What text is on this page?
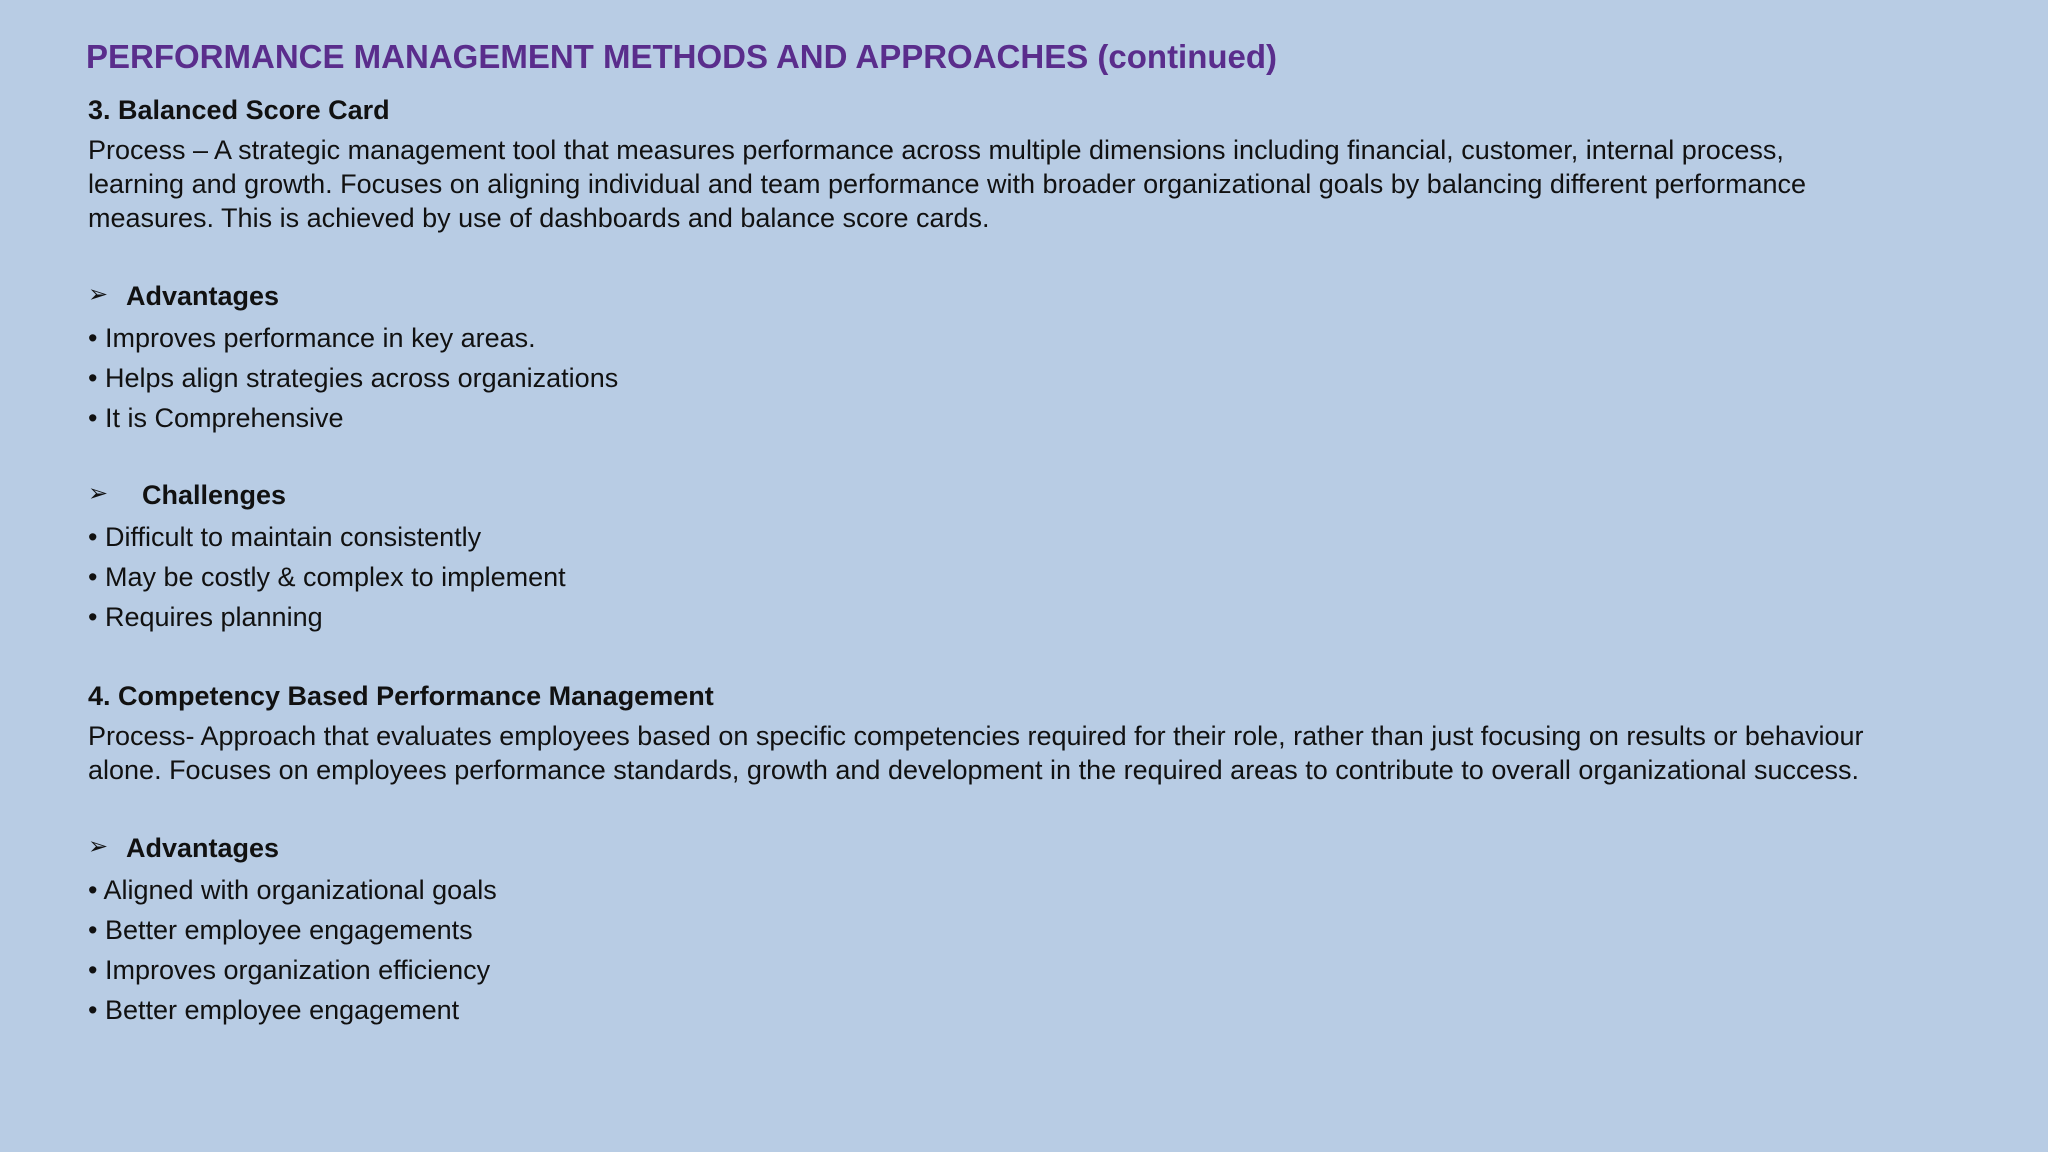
PERFORMANCE MANAGEMENT METHODS AND APPROACHES (continued)
3. Balanced Score Card
Process – A strategic management tool that measures performance across multiple dimensions including financial, customer, internal process,
learning and growth. Focuses on aligning individual and team performance with broader organizational goals by balancing different performance
measures. This is achieved by use of dashboards and balance score cards.
➢ Advantages
• Improves performance in key areas.
• Helps align strategies across organizations
• It is Comprehensive
➢ Challenges
• Difficult to maintain consistently
• May be costly & complex to implement
• Requires planning
4. Competency Based Performance Management
Process- Approach that evaluates employees based on specific competencies required for their role, rather than just focusing on results or behaviour
alone. Focuses on employees performance standards, growth and development in the required areas to contribute to overall organizational success.
➢ Advantages
• Aligned with organizational goals
• Better employee engagements
• Improves organization efficiency
• Better employee engagement
